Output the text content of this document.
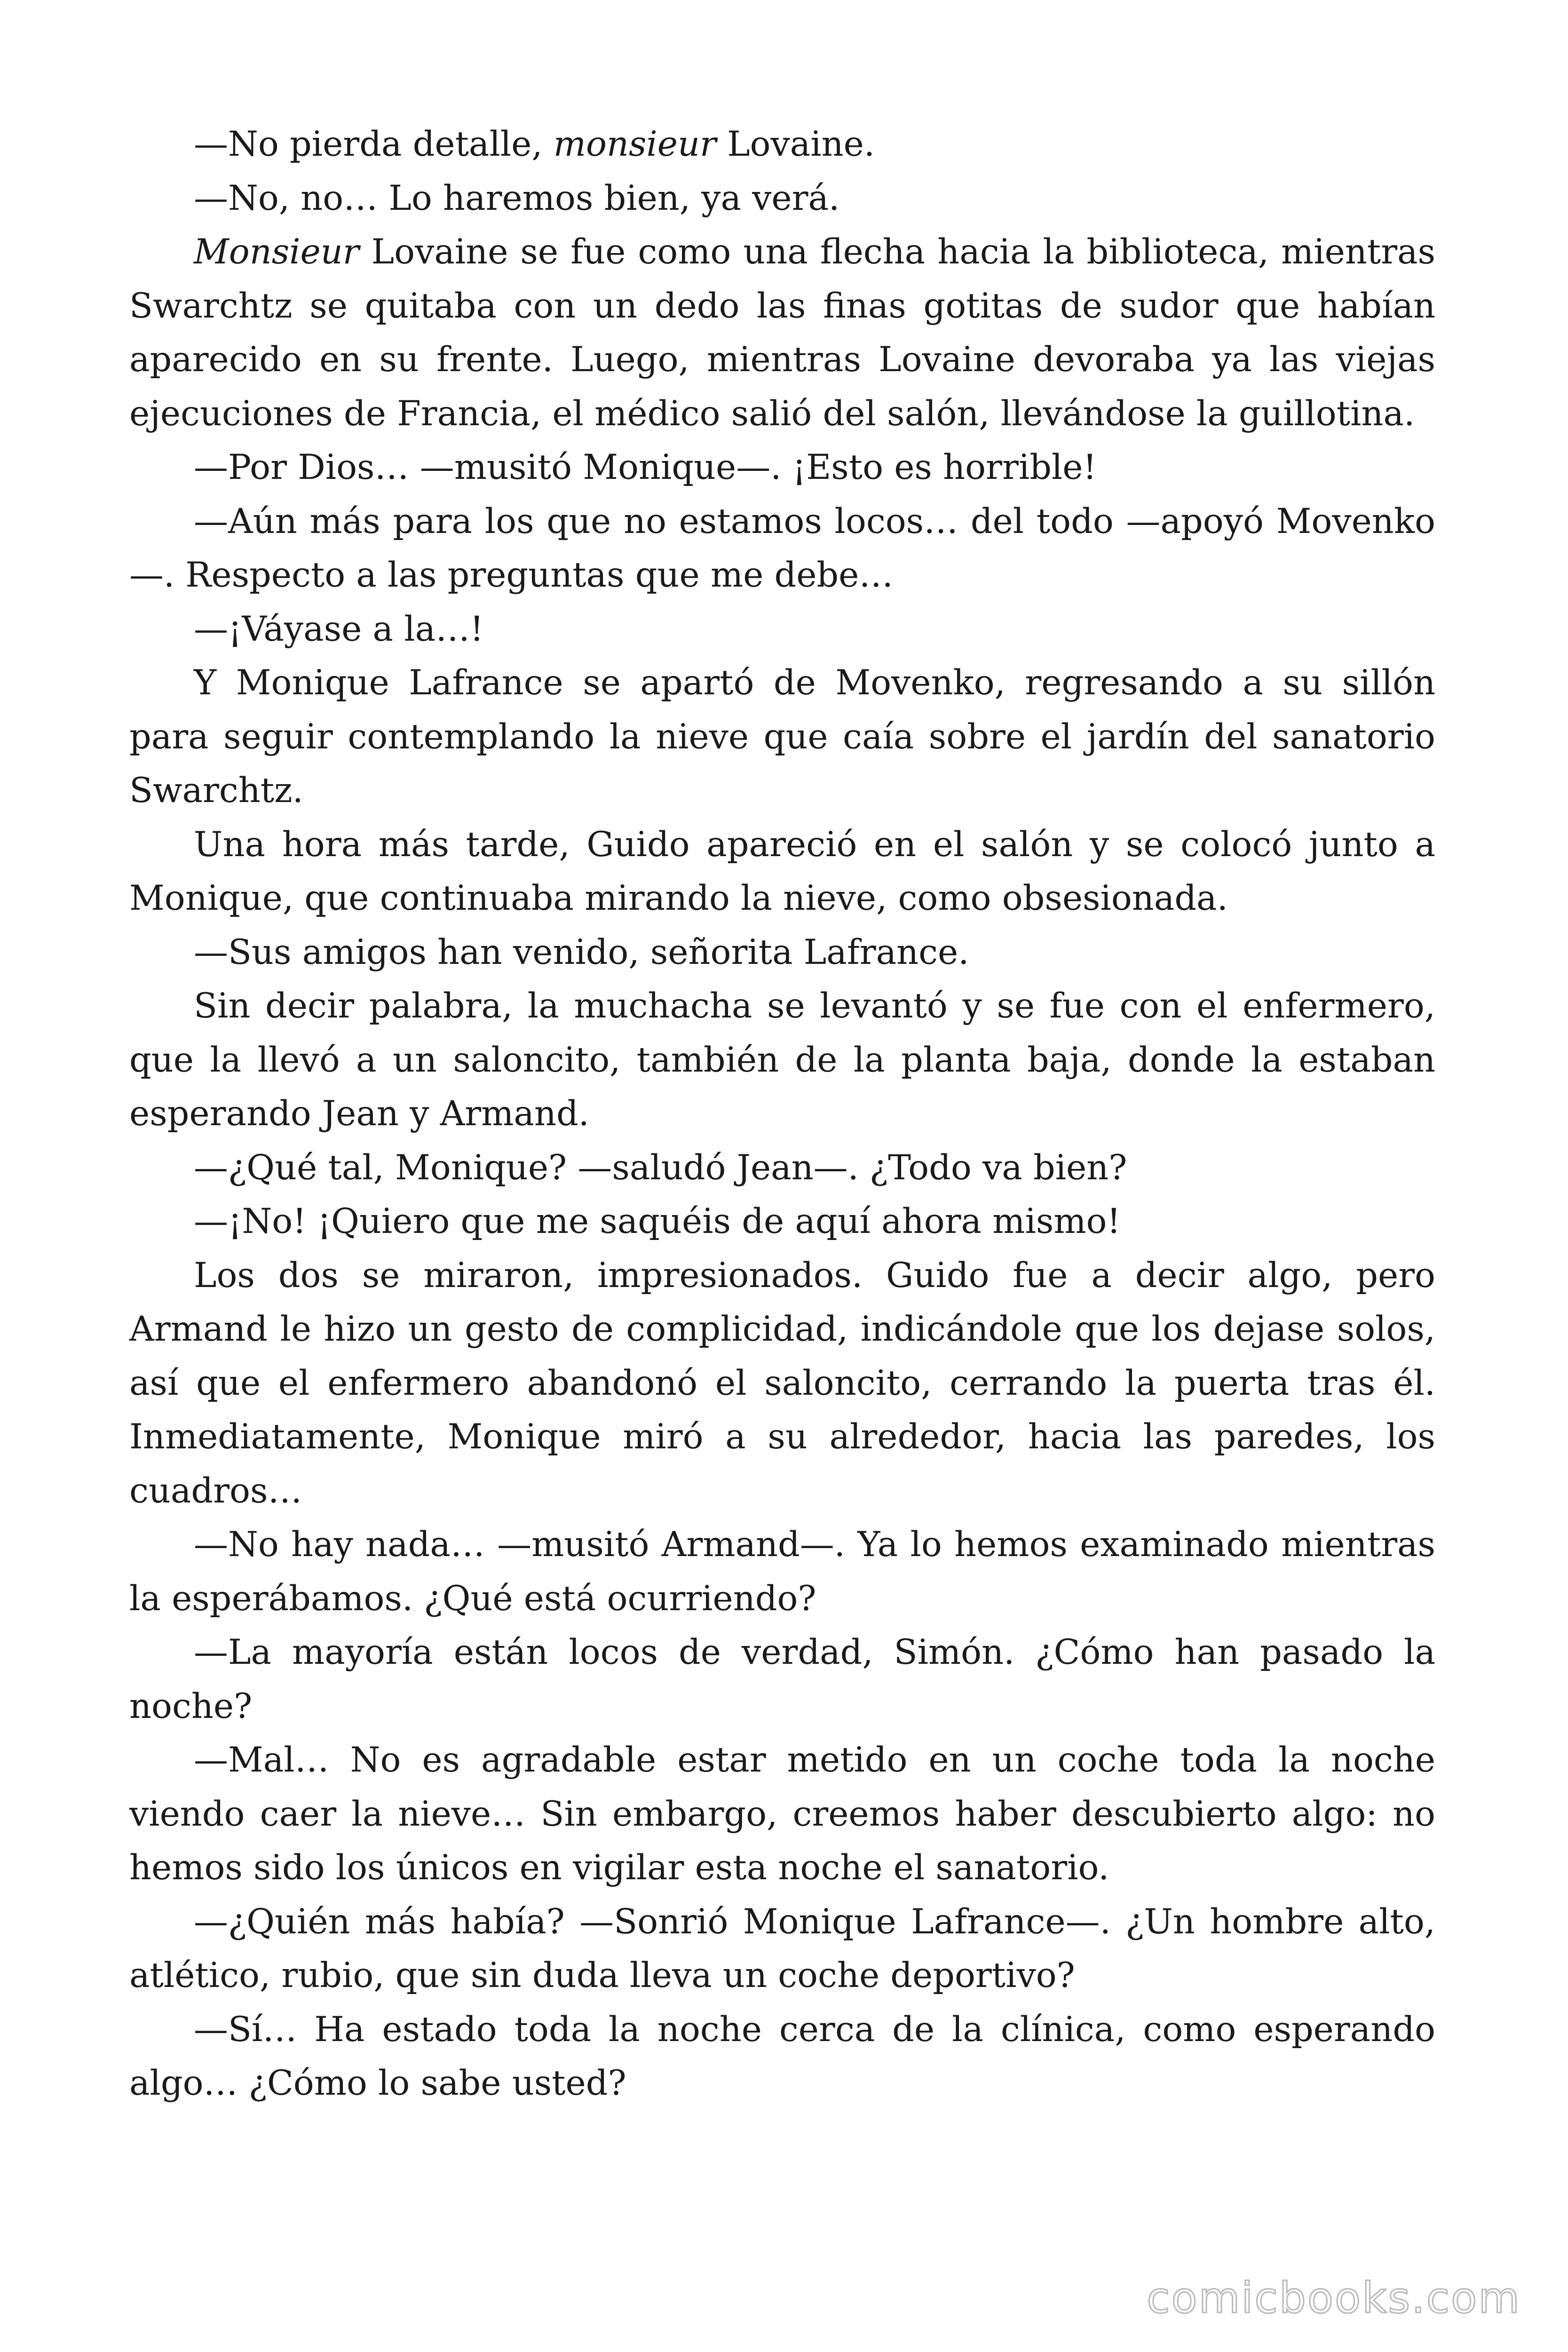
—No pierda detalle, monsieur Lovaine.

—No, no… Lo haremos bien, ya verá.

Monsieur Lovaine se fue como una flecha hacia la biblioteca, mientras Swarchtz se quitaba con un dedo las finas gotitas de sudor que habían aparecido en su frente. Luego, mientras Lovaine devoraba ya las viejas ejecuciones de Francia, el médico salió del salón, llevándose la guillotina.

—Por Dios… —musitó Monique—. ¡Esto es horrible!

—Aún más para los que no estamos locos… del todo —apoyó Movenko—. Respecto a las preguntas que me debe…

—¡Váyase a la…!

Y Monique Lafrance se apartó de Movenko, regresando a su sillón para seguir contemplando la nieve que caía sobre el jardín del sanatorio Swarchtz.

Una hora más tarde, Guido apareció en el salón y se colocó junto a Monique, que continuaba mirando la nieve, como obsesionada.

—Sus amigos han venido, señorita Lafrance.

Sin decir palabra, la muchacha se levantó y se fue con el enfermero, que la llevó a un saloncito, también de la planta baja, donde la estaban esperando Jean y Armand.

—¿Qué tal, Monique? —saludó Jean—. ¿Todo va bien?

—¡No! ¡Quiero que me saquéis de aquí ahora mismo!

Los dos se miraron, impresionados. Guido fue a decir algo, pero Armand le hizo un gesto de complicidad, indicándole que los dejase solos, así que el enfermero abandonó el saloncito, cerrando la puerta tras él. Inmediatamente, Monique miró a su alrededor, hacia las paredes, los cuadros…

—No hay nada… —musitó Armand—. Ya lo hemos examinado mientras la esperábamos. ¿Qué está ocurriendo?

—La mayoría están locos de verdad, Simón. ¿Cómo han pasado la noche?

—Mal… No es agradable estar metido en un coche toda la noche viendo caer la nieve… Sin embargo, creemos haber descubierto algo: no hemos sido los únicos en vigilar esta noche el sanatorio.

—¿Quién más había? —Sonrió Monique Lafrance—. ¿Un hombre alto, atlético, rubio, que sin duda lleva un coche deportivo?

—Sí… Ha estado toda la noche cerca de la clínica, como esperando algo… ¿Cómo lo sabe usted?

comicbooks.com
